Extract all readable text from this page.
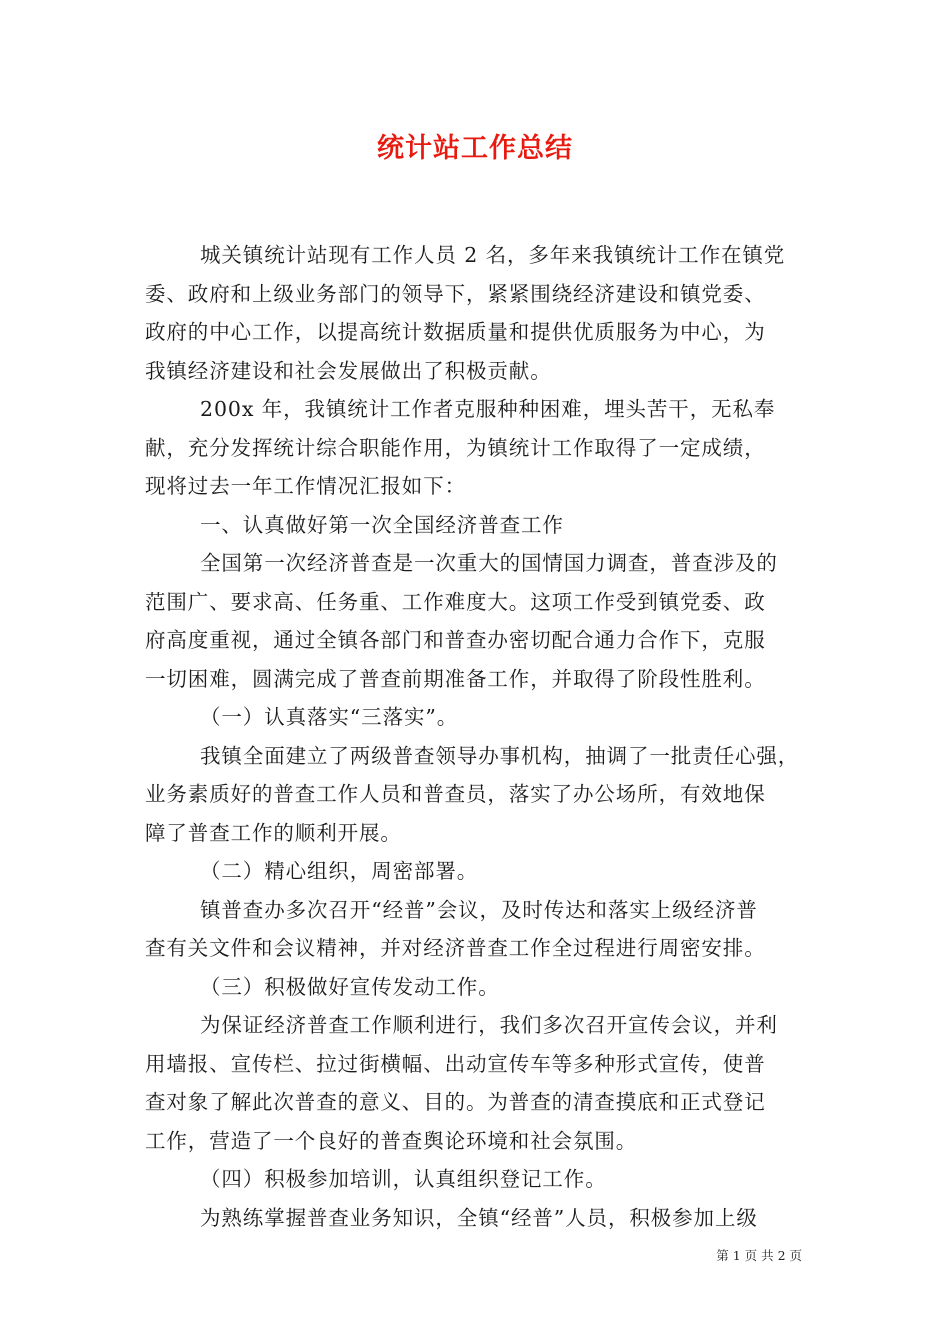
统计站工作总结
城关镇统计站现有工作人员 2 名，多年来我镇统计工作在镇党
委、政府和上级业务部门的领导下，紧紧围绕经济建设和镇党委、
政府的中心工作，以提高统计数据质量和提供优质服务为中心，为
我镇经济建设和社会发展做出了积极贡献。
200x 年，我镇统计工作者克服种种困难，埋头苦干，无私奉
献，充分发挥统计综合职能作用，为镇统计工作取得了一定成绩，
现将过去一年工作情况汇报如下：
一、认真做好第一次全国经济普查工作
全国第一次经济普查是一次重大的国情国力调查，普查涉及的
范围广、要求高、任务重、工作难度大。这项工作受到镇党委、政
府高度重视，通过全镇各部门和普查办密切配合通力合作下，克服
一切困难，圆满完成了普查前期准备工作，并取得了阶段性胜利。
（一）认真落实“三落实”。
我镇全面建立了两级普查领导办事机构，抽调了一批责任心强，
业务素质好的普查工作人员和普查员，落实了办公场所，有效地保
障了普查工作的顺利开展。
（二）精心组织，周密部署。
镇普查办多次召开“经普”会议，及时传达和落实上级经济普
查有关文件和会议精神，并对经济普查工作全过程进行周密安排。
（三）积极做好宣传发动工作。
为保证经济普查工作顺利进行，我们多次召开宣传会议，并利
用墙报、宣传栏、拉过街横幅、出动宣传车等多种形式宣传，使普
查对象了解此次普查的意义、目的。为普查的清查摸底和正式登记
工作，营造了一个良好的普查舆论环境和社会氛围。
（四）积极参加培训，认真组织登记工作。
为熟练掌握普查业务知识，全镇“经普”人员，积极参加上级
第 1 页 共 2 页
